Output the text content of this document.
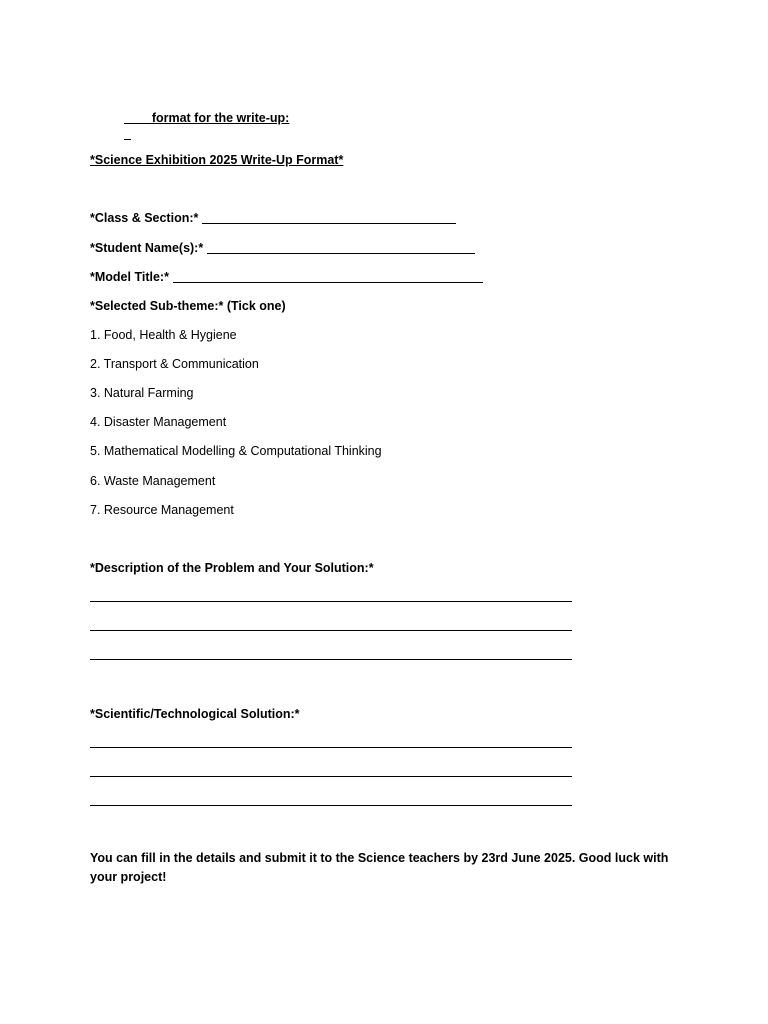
format for the write-up:

*Science Exhibition 2025 Write-Up Format*
*Class & Section:*
*Student Name(s):*
*Model Title:*
*Selected Sub-theme:* (Tick one)
1. Food, Health & Hygiene
2. Transport & Communication
3. Natural Farming
4. Disaster Management
5. Mathematical Modelling & Computational Thinking
6. Waste Management
7. Resource Management
*Description of the Problem and Your Solution:*
*Scientific/Technological Solution:*
You can fill in the details and submit it to the Science teachers by 23rd June 2025. Good luck with your project!
